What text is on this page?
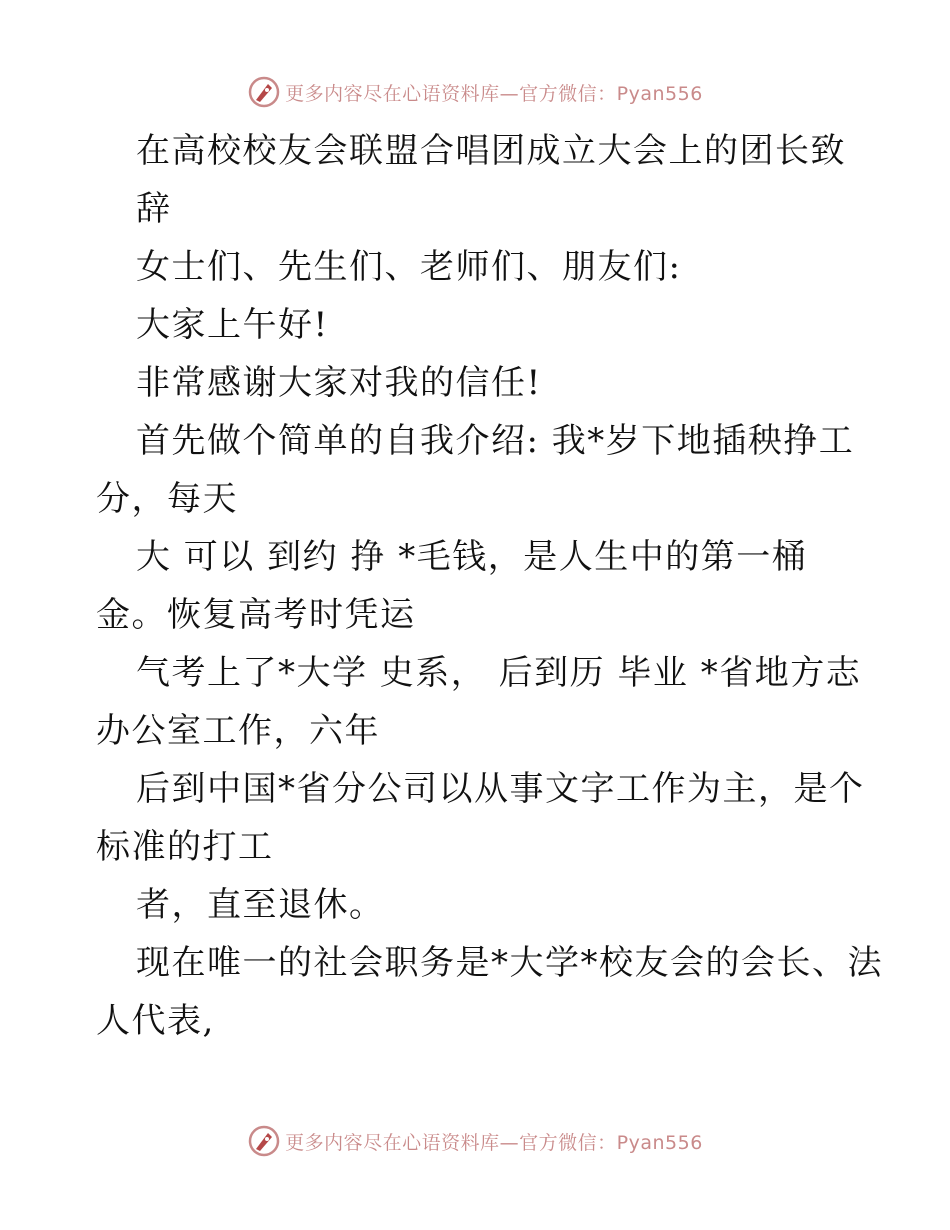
更多内容尽在心语资料库—官方微信：Pyan556
在高校校友会联盟合唱团成立大会上的团长致
辞
女士们、先生们、老师们、朋友们:
大家上午好!
非常感谢大家对我的信任!
首先做个简单的自我介绍: 我*岁下地插秧挣工
分，每天
大 可以 到约 挣 *毛钱，是人生中的第一桶
金。恢复高考时凭运
气考上了*大学 史系， 后到历 毕业 *省地方志
办公室工作，六年
后到中国*省分公司以从事文字工作为主，是个
标准的打工
者，直至退休。
现在唯一的社会职务是*大学*校友会的会长、法
人代表,
更多内容尽在心语资料库—官方微信：Pyan556
